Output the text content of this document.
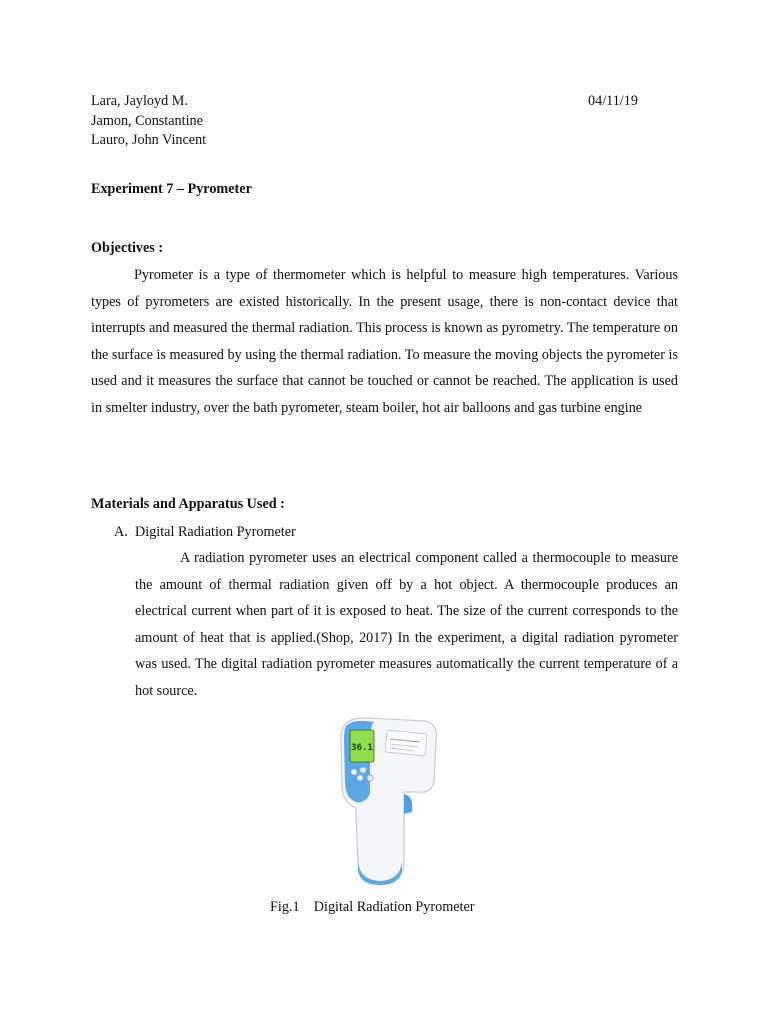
Lara, Jayloyd M.
Jamon, Constantine
Lauro, John Vincent
04/11/19
Experiment 7 – Pyrometer
Objectives :
Pyrometer is a type of thermometer which is helpful to measure high temperatures. Various types of pyrometers are existed historically. In the present usage, there is non-contact device that interrupts and measured the thermal radiation. This process is known as pyrometry. The temperature on the surface is measured by using the thermal radiation. To measure the moving objects the pyrometer is used and it measures the surface that cannot be touched or cannot be reached. The application is used in smelter industry, over the bath pyrometer, steam boiler, hot air balloons and gas turbine engine
Materials and Apparatus Used :
A. Digital Radiation Pyrometer
A radiation pyrometer uses an electrical component called a thermocouple to measure the amount of thermal radiation given off by a hot object. A thermocouple produces an electrical current when part of it is exposed to heat. The size of the current corresponds to the amount of heat that is applied.(Shop, 2017) In the experiment, a digital radiation pyrometer was used. The digital radiation pyrometer measures automatically the current temperature of a hot source.
36.1
Fig.1    Digital Radiation Pyrometer
